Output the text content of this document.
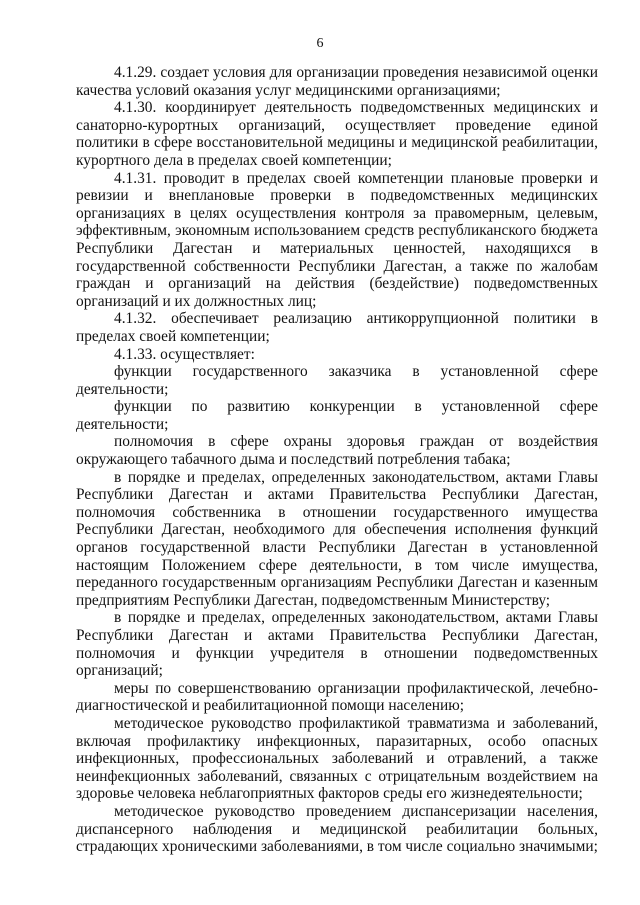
6

4.1.29. создает условия для организации проведения независимой оценки качества условий оказания услуг медицинскими организациями;

4.1.30. координирует деятельность подведомственных медицинских и санаторно-курортных организаций, осуществляет проведение единой политики в сфере восстановительной медицины и медицинской реабилитации, курортного дела в пределах своей компетенции;

4.1.31. проводит в пределах своей компетенции плановые проверки и ревизии и внеплановые проверки в подведомственных медицинских организациях в целях осуществления контроля за правомерным, целевым, эффективным, экономным использованием средств республиканского бюджета Республики Дагестан и материальных ценностей, находящихся в государственной собственности Республики Дагестан, а также по жалобам граждан и организаций на действия (бездействие) подведомственных организаций и их должностных лиц;

4.1.32. обеспечивает реализацию антикоррупционной политики в пределах своей компетенции;

4.1.33. осуществляет:

функции государственного заказчика в установленной сфере деятельности;

функции по развитию конкуренции в установленной сфере деятельности;

полномочия в сфере охраны здоровья граждан от воздействия окружающего табачного дыма и последствий потребления табака;

в порядке и пределах, определенных законодательством, актами Главы Республики Дагестан и актами Правительства Республики Дагестан, полномочия собственника в отношении государственного имущества Республики Дагестан, необходимого для обеспечения исполнения функций органов государственной власти Республики Дагестан в установленной настоящим Положением сфере деятельности, в том числе имущества, переданного государственным организациям Республики Дагестан и казенным предприятиям Республики Дагестан, подведомственным Министерству;

в порядке и пределах, определенных законодательством, актами Главы Республики Дагестан и актами Правительства Республики Дагестан, полномочия и функции учредителя в отношении подведомственных организаций;

меры по совершенствованию организации профилактической, лечебно-диагностической и реабилитационной помощи населению;

методическое руководство профилактикой травматизма и заболеваний, включая профилактику инфекционных, паразитарных, особо опасных инфекционных, профессиональных заболеваний и отравлений, а также неинфекционных заболеваний, связанных с отрицательным воздействием на здоровье человека неблагоприятных факторов среды его жизнедеятельности;

методическое руководство проведением диспансеризации населения, диспансерного наблюдения и медицинской реабилитации больных, страдающих хроническими заболеваниями, в том числе социально значимыми;
